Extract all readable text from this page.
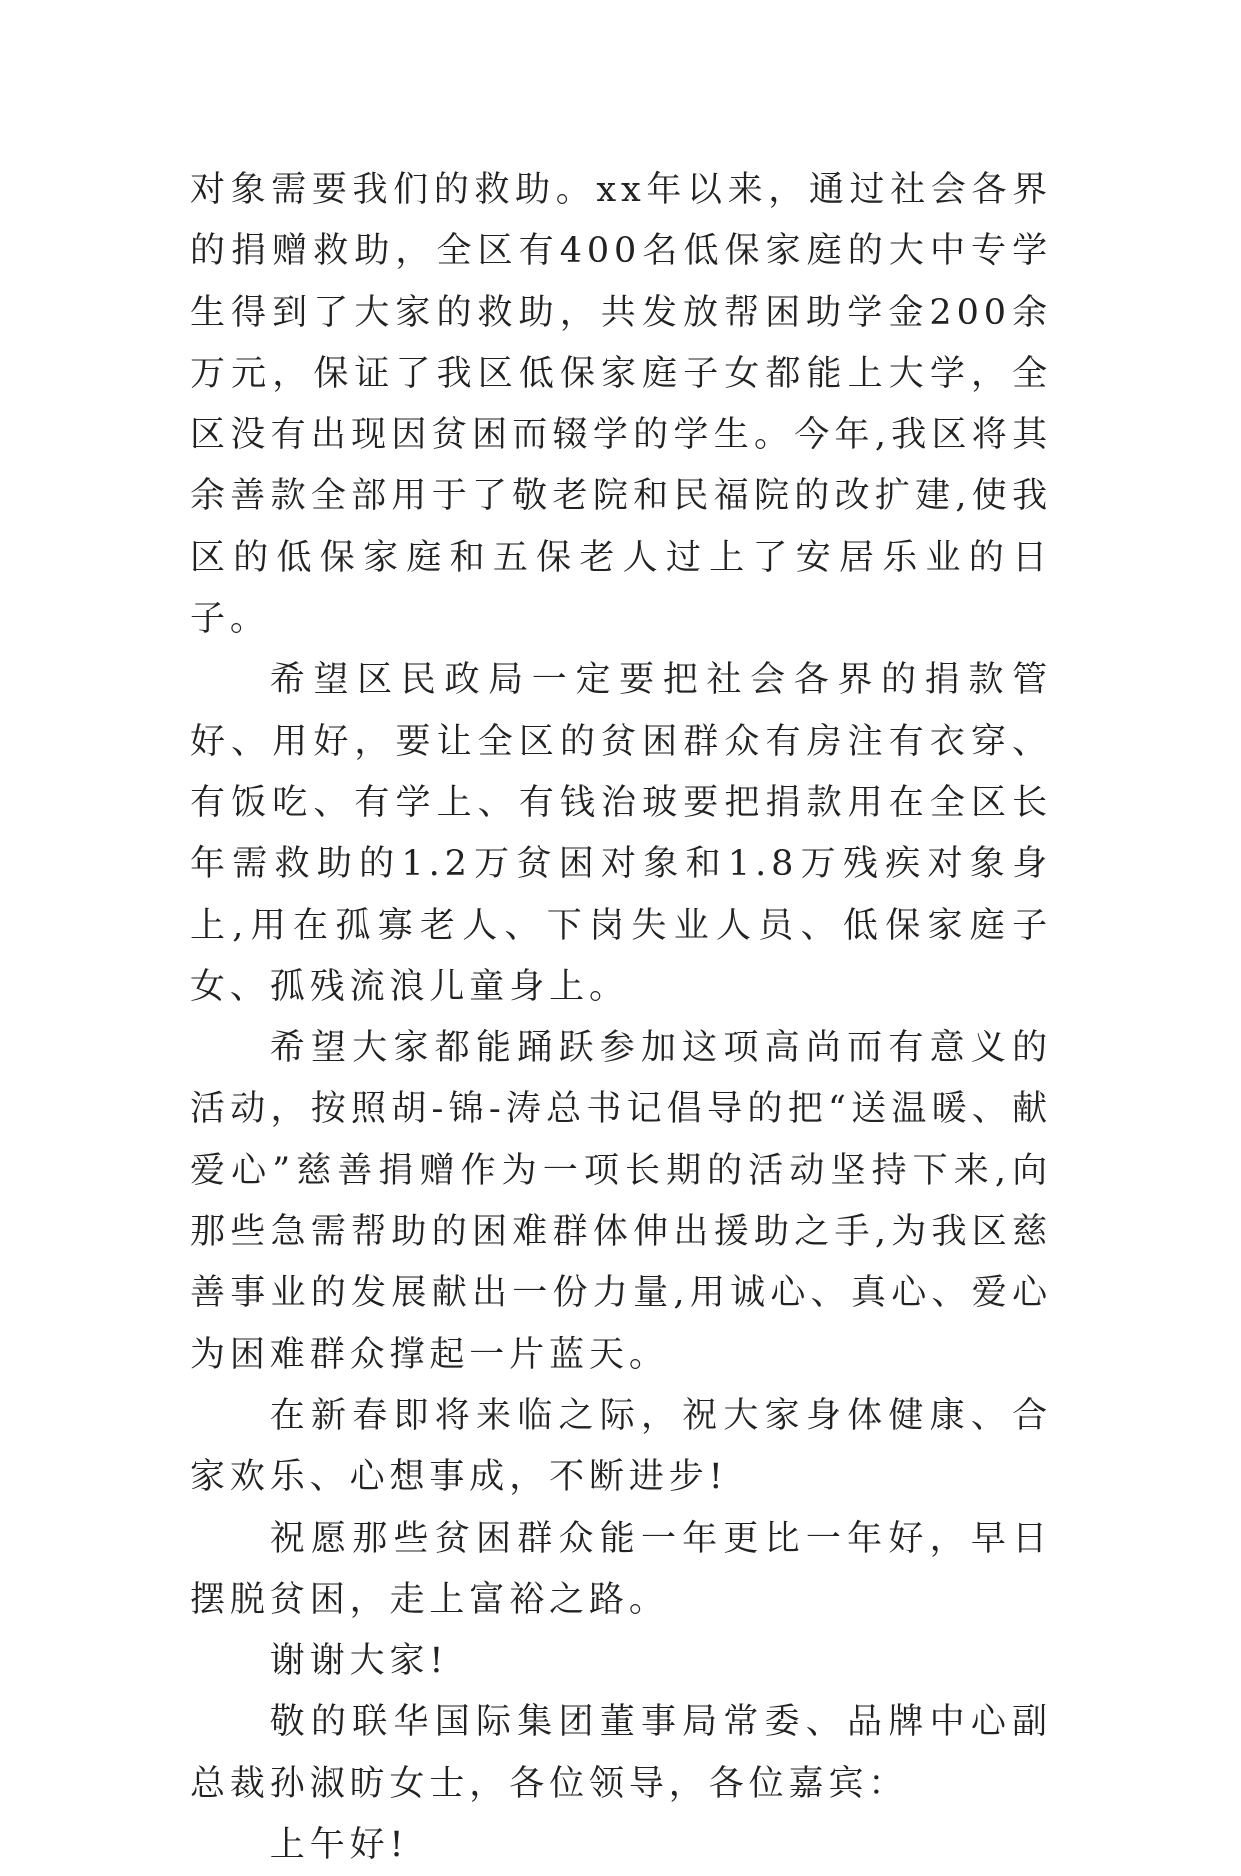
对象需要我们的救助。xx年以来，通过社会各界的捐赠救助，全区有400名低保家庭的大中专学生得到了大家的救助，共发放帮困助学金200余万元，保证了我区低保家庭子女都能上大学，全区没有出现因贫困而辍学的学生。今年,我区将其余善款全部用于了敬老院和民福院的改扩建,使我区的低保家庭和五保老人过上了安居乐业的日子。

希望区民政局一定要把社会各界的捐款管好、用好，要让全区的贫困群众有房注有衣穿、有饭吃、有学上、有钱治玻要把捐款用在全区长年需救助的1.2万贫困对象和1.8万残疾对象身上,用在孤寡老人、下岗失业人员、低保家庭子女、孤残流浪儿童身上。

希望大家都能踊跃参加这项高尚而有意义的活动，按照胡-锦-涛总书记倡导的把“送温暖、献爱心”慈善捐赠作为一项长期的活动坚持下来,向那些急需帮助的困难群体伸出援助之手,为我区慈善事业的发展献出一份力量,用诚心、真心、爱心为困难群众撑起一片蓝天。

在新春即将来临之际，祝大家身体健康、合家欢乐、心想事成，不断进步!

祝愿那些贫困群众能一年更比一年好，早日摆脱贫困，走上富裕之路。

谢谢大家!

敬的联华国际集团董事局常委、品牌中心副总裁孙淑昉女士，各位领导，各位嘉宾：

上午好!
